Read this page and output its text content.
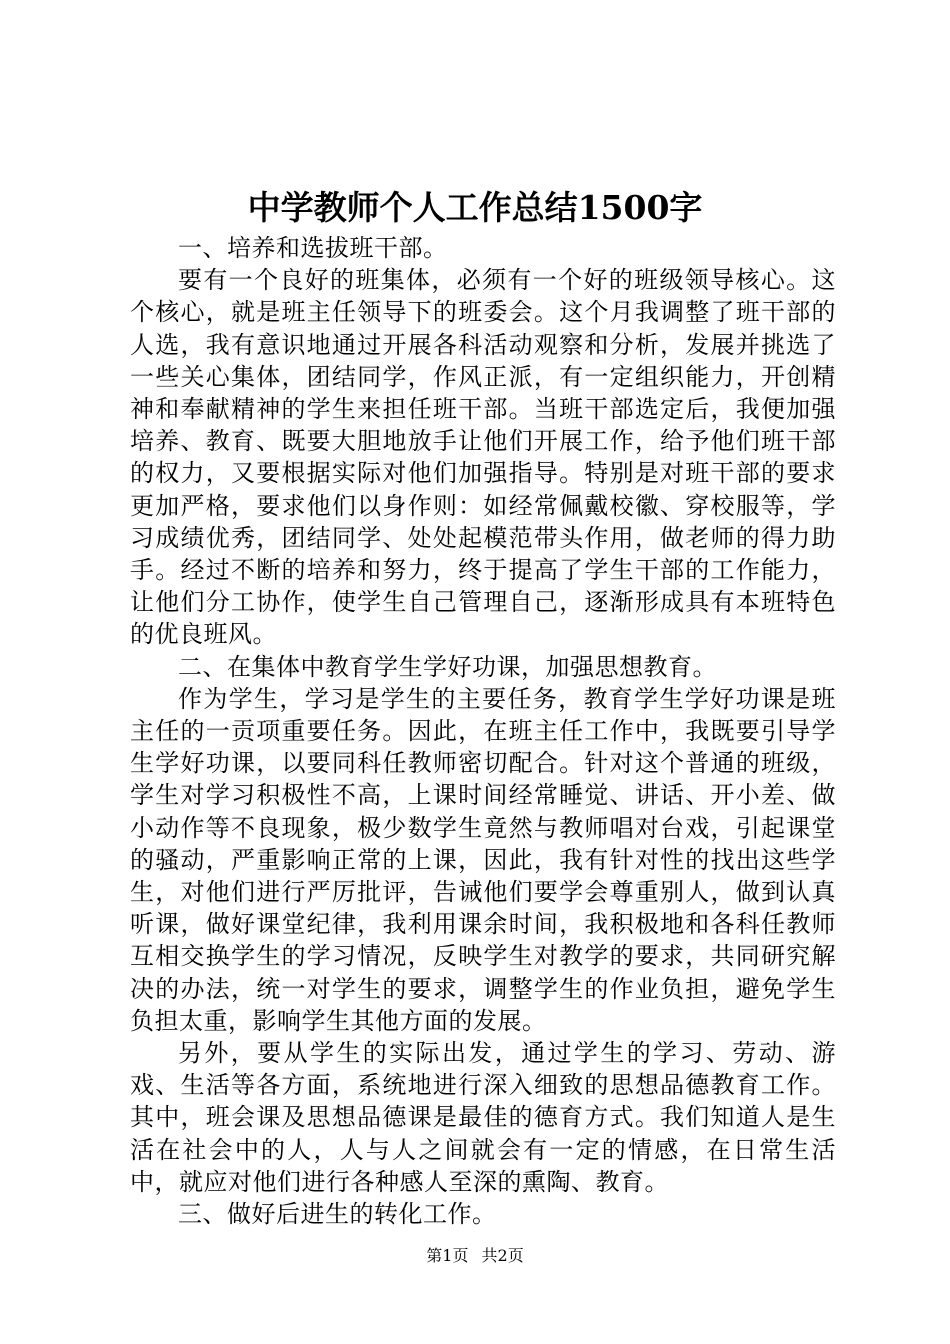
中学教师个人工作总结1500字

一、培养和选拔班干部。

要有一个良好的班集体，必须有一个好的班级领导核心。这个核心，就是班主任领导下的班委会。这个月我调整了班干部的人选，我有意识地通过开展各科活动观察和分析，发展并挑选了一些关心集体，团结同学，作风正派，有一定组织能力，开创精神和奉献精神的学生来担任班干部。当班干部选定后，我便加强培养、教育、既要大胆地放手让他们开展工作，给予他们班干部的权力，又要根据实际对他们加强指导。特别是对班干部的要求更加严格，要求他们以身作则：如经常佩戴校徽、穿校服等，学习成绩优秀，团结同学、处处起模范带头作用，做老师的得力助手。经过不断的培养和努力，终于提高了学生干部的工作能力，让他们分工协作，使学生自己管理自己，逐渐形成具有本班特色的优良班风。

二、在集体中教育学生学好功课，加强思想教育。

作为学生，学习是学生的主要任务，教育学生学好功课是班主任的一贡项重要任务。因此，在班主任工作中，我既要引导学生学好功课，以要同科任教师密切配合。针对这个普通的班级，学生对学习积极性不高，上课时间经常睡觉、讲话、开小差、做小动作等不良现象，极少数学生竟然与教师唱对台戏，引起课堂的骚动，严重影响正常的上课，因此，我有针对性的找出这些学生，对他们进行严厉批评，告诫他们要学会尊重别人，做到认真听课，做好课堂纪律，我利用课余时间，我积极地和各科任教师互相交换学生的学习情况，反映学生对教学的要求，共同研究解决的办法，统一对学生的要求，调整学生的作业负担，避免学生负担太重，影响学生其他方面的发展。

另外，要从学生的实际出发，通过学生的学习、劳动、游戏、生活等各方面，系统地进行深入细致的思想品德教育工作。其中，班会课及思想品德课是最佳的德育方式。我们知道人是生活在社会中的人，人与人之间就会有一定的情感，在日常生活中，就应对他们进行各种感人至深的熏陶、教育。

三、做好后进生的转化工作。

第1页 共2页
